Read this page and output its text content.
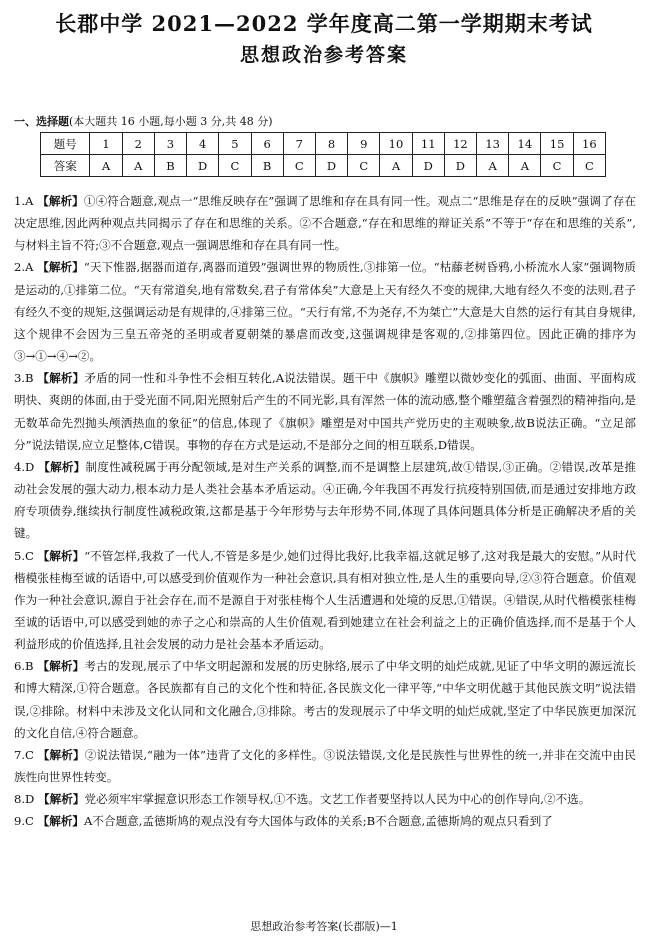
长郡中学 2021—2022 学年度高二第一学期期末考试
思想政治参考答案
一、选择题(本大题共 16 小题,每小题 3 分,共 48 分)
题号	1	2	3	4	5	6	7	8	9	10	11	12	13	14	15	16
答案	A	A	B	D	C	B	C	D	C	A	D	D	A	A	C	C

1.A 【解析】①④符合题意,观点一“思维反映存在”强调了思维和存在具有同一性。观点二“思维是存在的反映”强调了存在决定思维,因此两种观点共同揭示了存在和思维的关系。②不合题意,“存在和思维的辩证关系”不等于“存在和思维的关系”,与材料主旨不符;③不合题意,观点一强调思维和存在具有同一性。

2.A 【解析】“天下惟器,据器而道存,离器而道毁”强调世界的物质性,③排第一位。“枯藤老树昏鸦,小桥流水人家”强调物质是运动的,①排第二位。“天有常道矣,地有常数矣,君子有常体矣”大意是上天有经久不变的规律,大地有经久不变的法则,君子有经久不变的规矩,这强调运动是有规律的,④排第三位。“天行有常,不为尧存,不为桀亡”大意是大自然的运行有其自身规律,这个规律不会因为三皇五帝尧的圣明或者夏朝桀的暴虐而改变,这强调规律是客观的,②排第四位。因此正确的排序为③→①→④→②。

3.B 【解析】矛盾的同一性和斗争性不会相互转化,A说法错误。题干中《旗帜》雕塑以微妙变化的弧面、曲面、平面构成明快、爽朗的体面,由于受光面不同,阳光照射后产生的不同光影,具有浑然一体的流动感,整个雕塑蕴含着强烈的精神指向,是无数革命先烈抛头颅洒热血的象征”的信息,体现了《旗帜》雕塑是对中国共产党历史的主观映象,故B说法正确。“立足部分”说法错误,应立足整体,C错误。事物的存在方式是运动,不是部分之间的相互联系,D错误。

4.D 【解析】制度性减税属于再分配领域,是对生产关系的调整,而不是调整上层建筑,故①错误,③正确。②错误,改革是推动社会发展的强大动力,根本动力是人类社会基本矛盾运动。④正确,今年我国不再发行抗疫特别国债,而是通过安排地方政府专项债券,继续执行制度性减税政策,这都是基于今年形势与去年形势不同,体现了具体问题具体分析是正确解决矛盾的关键。

5.C 【解析】“不管怎样,我救了一代人,不管是多是少,她们过得比我好,比我幸福,这就足够了,这对我是最大的安慰。”从时代楷模张桂梅至诚的话语中,可以感受到价值观作为一种社会意识,具有相对独立性,是人生的重要向导,②③符合题意。价值观作为一种社会意识,源自于社会存在,而不是源自于对张桂梅个人生活遭遇和处境的反思,①错误。④错误,从时代楷模张桂梅至诚的话语中,可以感受到她的赤子之心和崇高的人生价值观,看到她建立在社会利益之上的正确价值选择,而不是基于个人利益形成的价值选择,且社会发展的动力是社会基本矛盾运动。

6.B 【解析】考古的发现,展示了中华文明起源和发展的历史脉络,展示了中华文明的灿烂成就,见证了中华文明的源远流长和博大精深,①符合题意。各民族都有自己的文化个性和特征,各民族文化一律平等,“中华文明优越于其他民族文明”说法错误,②排除。材料中未涉及文化认同和文化融合,③排除。考古的发现展示了中华文明的灿烂成就,坚定了中华民族更加深沉的文化自信,④符合题意。

7.C 【解析】②说法错误,“融为一体”违背了文化的多样性。③说法错误,文化是民族性与世界性的统一,并非在交流中由民族性向世界性转变。

8.D 【解析】党必须牢牢掌握意识形态工作领导权,①不选。文艺工作者要坚持以人民为中心的创作导向,②不选。

9.C 【解析】A不合题意,孟德斯鸠的观点没有夸大国体与政体的关系;B不合题意,孟德斯鸠的观点只看到了

思想政治参考答案(长郡版)—1
